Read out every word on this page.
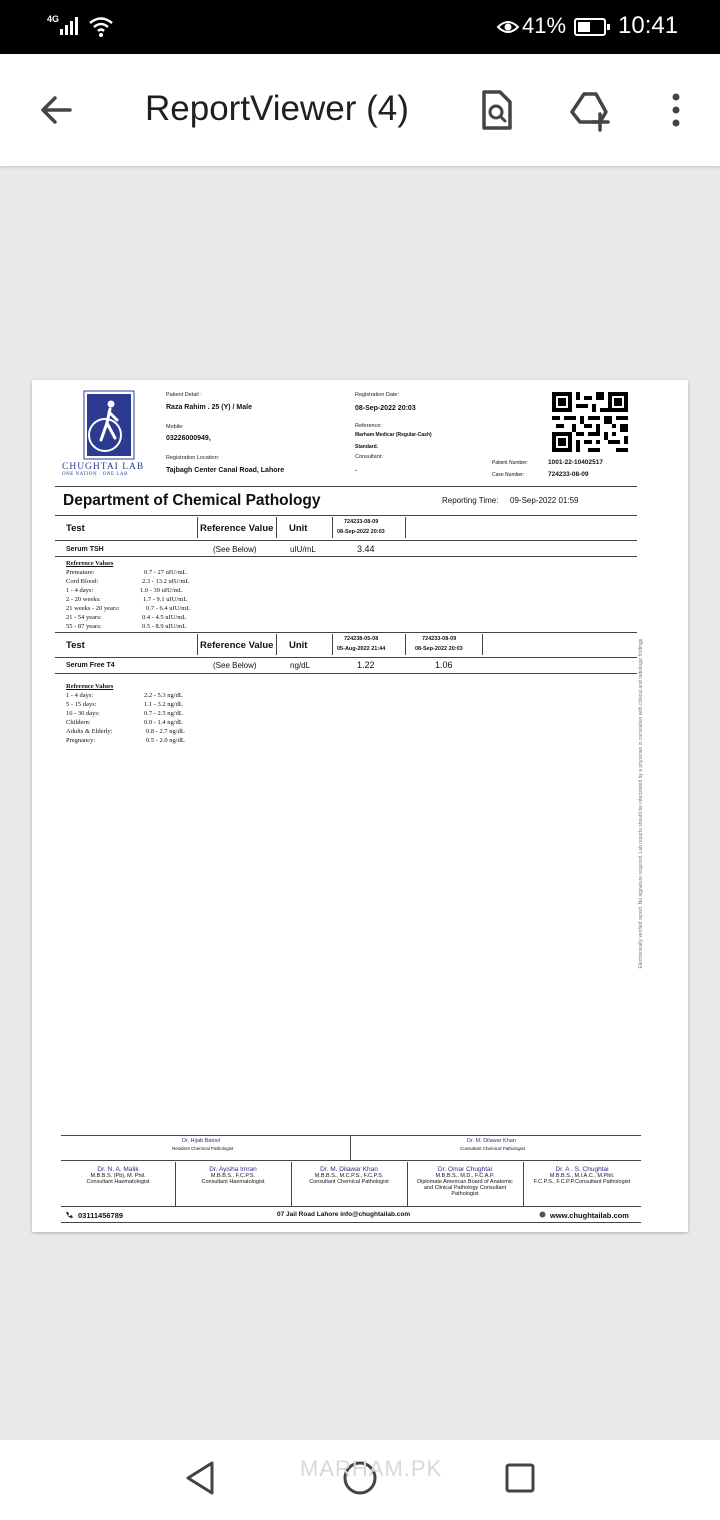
4G	41% 10:41
ReportViewer (4)
CHUGHTAI LAB
ONE NATION · ONE LAB
Patient Detail :
Raza Rahim . 25 (Y) / Male
Mobile:
03226000949,
Registration Location:
Tajbagh Center Canal Road, Lahore
Registration Date:
08-Sep-2022 20:03
Reference:
Marham Medicar (Regular-Cash)
Standard.
Consultant:
.
Patient Number:	1001-22-10402517
Case Number:	724233-08-09
Department of Chemical Pathology	Reporting Time: 09-Sep-2022 01:59
Test	Reference Value Unit
724233-08-09
08-Sep-2022 20:03
Serum TSH	(See Below)	uIU/mL	3.44
Reference Values
Premature:	0.7 - 27 uIU/mL
Cord Blood:	2.3 - 13.2 uIU/mL
1 - 4 days:	1.0 - 39 uIU/mL
2 - 20 weeks:	1.7 - 9.1 uIU/mL
21 weeks - 20 years:	0.7 - 6.4 uIU/mL
21 - 54 years:	0.4 - 4.5 uIU/mL
55 - 87 years:	0.5 - 8.9 uIU/mL
Test	Reference Value Unit
724238-05-08
05-Aug-2022 21:44
724233-08-09
08-Sep-2022 20:03
Serum Free T4	(See Below)	ng/dL	1.22	1.06
Reference Values
1 - 4 days:	2.2 - 5.3 ng/dL
5 - 15 days:	1.1 - 3.2 ng/dL
16 - 30 days:	0.7 - 2.5 ng/dL
Childern:	0.9 - 1.4 ng/dL
Adults & Elderly:	0.8 - 2.7 ng/dL
Pregnancy:	0.5 - 2.0 ng/dL	Electronically verified report. No signature required. Lab reports should be interpreted by a physician in correlation with clinical and radiologic findings.
Dr. Hijab Batool
Resident Chemical Pathologist
Dr. M. Dilawar Khan
Consultant Chemical Pathologist
Dr. N. A. Malik
M.B.B.S. (Pb), M. Phil.
Consultant Haematologist
Dr. Ayisha Imran
M.B.B.S., F.C.P.S.
Consultant Haematologist
Dr. M. Dilawar Khan
M.B.B.S., M.C.P.S., F.C.P.S.
Consultant Chemical Pathologist
Dr. Omar Chughtai
M.B.B.S., M.D., F.C.A.P.
Diplomate American Board of Anatomic
and Clinical Pathology Consultant
Pathologist
Dr. A . S. Chughtai
M.B.B.S., M.I.A.C., M.Phil.
F.C.P.S., F.C.P.P.Consultant Pathologist
03111456789	07 Jail Road Lahore info@chughtailab.com	www.chughtailab.com
MARHAM.PK
